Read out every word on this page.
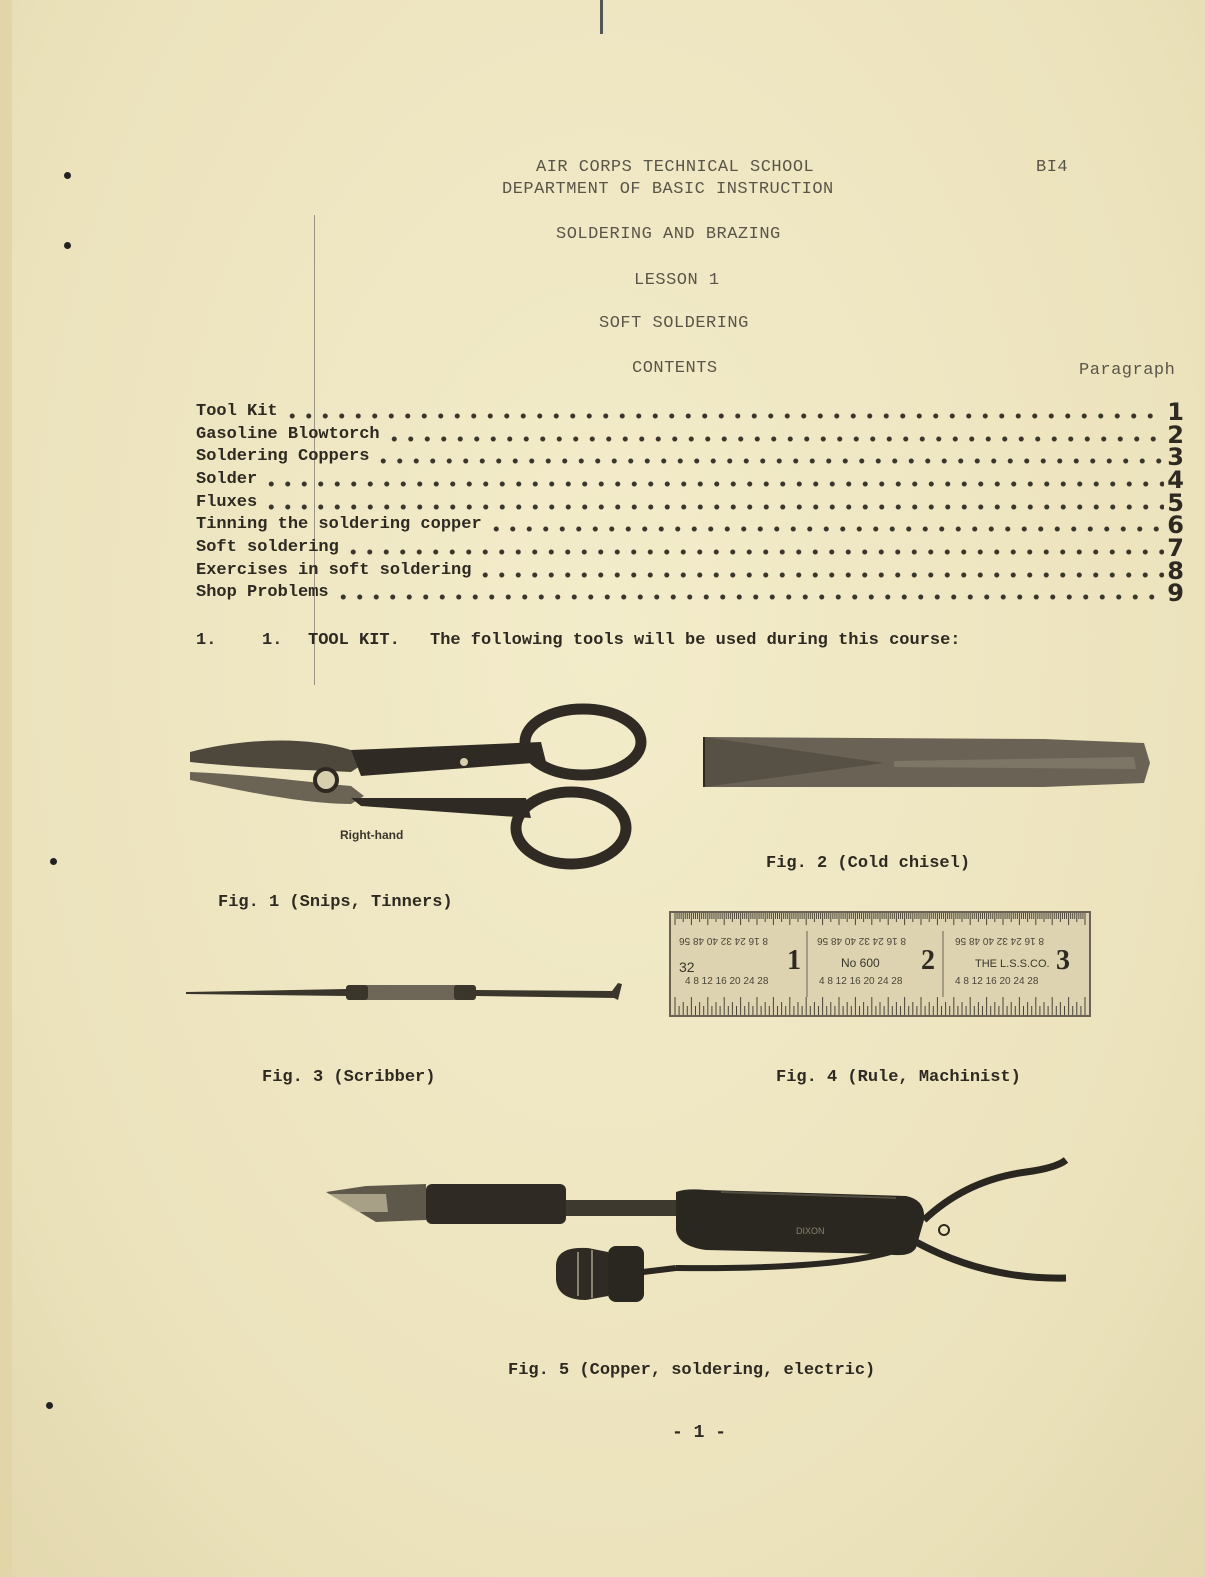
AIR CORPS TECHNICAL SCHOOL
DEPARTMENT OF BASIC INSTRUCTION
BI4
SOLDERING AND BRAZING
LESSON 1
SOFT SOLDERING
CONTENTS	Paragraph
Tool Kit	1
Gasoline Blowtorch	2
Soldering Coppers	3
Solder	4
Fluxes	5
Tinning the soldering copper	6
Soft soldering	7
Exercises in soft soldering	8
Shop Problems	9
1.	1. TOOL KIT. The following tools will be used during this course:
Right-hand
Fig. 1 (Snips, Tinners)
Fig. 2 (Cold chisel)
Fig. 3 (Scribber)
8 16 24 32 40 48 56	8 16 24 32 40 48 56	8 16 24 32 40 48 56
32	1	2	3
No 600	THE L.S.S.CO.
4 8 12 16 20 24 28	4 8 12 16 20 24 28	4 8 12 16 20 24 28
Fig. 4 (Rule, Machinist)
DIXON
Fig. 5 (Copper, soldering, electric)
- 1 -
